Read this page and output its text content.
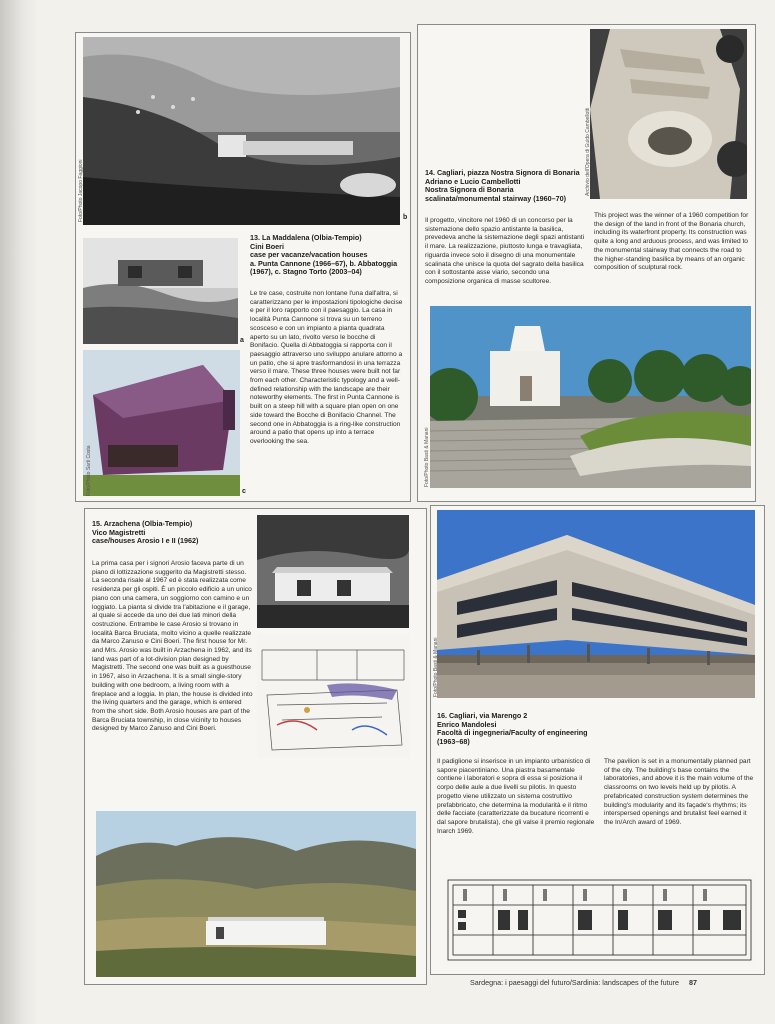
Foto/Photo Jacopo Faggioni	b
a
Foto/Photo Sarti Costa	c

13. La Maddalena (Olbia-Tempio)

Cini Boeri

case per vacanze/vacation houses

a. Punta Cannone (1966–67), b. Abbatoggia (1967), c. Stagno Torto (2003–04)

Le tre case, costruite non lontane l'una dall'altra, si caratterizzano per le impostazioni tipologiche decise e per il loro rapporto con il paesaggio. La casa in località Punta Cannone si trova su un terreno scosceso e con un impianto a pianta quadrata aperto su un lato, rivolto verso le bocche di Bonifacio. Quella di Abbatoggia si rapporta con il paesaggio attraverso uno sviluppo anulare attorno a un patio, che si apre trasformandosi in una terrazza verso il mare. These three houses were built not far from each other. Characteristic typology and a well-defined relationship with the landscape are their noteworthy elements. The first in Punta Cannone is built on a steep hill with a square plan open on one side toward the Bocche di Bonifacio Channel. The second one in Abbatoggia is a ring-like construction around a patio that opens up into a terrace overlooking the sea.

Archivio dell'Opera di Guido Cambellotti

14. Cagliari, piazza Nostra Signora di Bonaria

Adriano e Lucio Cambellotti

Nostra Signora di Bonaria

scalinata/monumental stairway (1960–70)

Il progetto, vincitore nel 1960 di un concorso per la sistemazione dello spazio antistante la basilica, prevedeva anche la sistemazione degli spazi antistanti il mare. La realizzazione, piuttosto lunga e travagliata, riguarda invece solo il disegno di una monumentale scalinata che unisce la quota del sagrato della basilica con il sottostante asse viario, secondo una composizione organica di masse scultoree.

This project was the winner of a 1960 competition for the design of the land in front of the Bonaria church, including its waterfront property. Its construction was quite a long and arduous process, and was limited to the monumental stairway that connects the road to the higher-standing basilica by means of an organic composition of sculptural rock.

Foto/Photo Basti & Manani

15. Arzachena (Olbia-Tempio)

Vico Magistretti

case/houses Arosio I e II (1962)

La prima casa per i signori Arosio faceva parte di un piano di lottizzazione suggerito da Magistretti stesso. La seconda risale al 1967 ed è stata realizzata come residenza per gli ospiti. È un piccolo edificio a un unico piano con una camera, un soggiorno con camino e un loggiato. La pianta si divide tra l'abitazione e il garage, al quale si accede da uno dei due lati minori della costruzione. Entrambe le case Arosio si trovano in località Barca Bruciata, molto vicino a quelle realizzate da Marco Zanuso e Cini Boeri. The first house for Mr. and Mrs. Arosio was built in Arzachena in 1962, and its land was part of a lot-division plan designed by Magistretti. The second one was built as a guesthouse in 1967, also in Arzachena. It is a small single-story building with one bedroom, a living room with a fireplace and a loggia. In plan, the house is divided into the living quarters and the garage, which is entered from the short side. Both Arosio houses are part of the Barca Bruciata township, in close vicinity to houses designed by Marco Zanuso and Cini Boeri.

Foto/Photo Basti & Manani

16. Cagliari, via Marengo 2

Enrico Mandolesi

Facoltà di ingegneria/Faculty of engineering (1963–68)

Il padiglione si inserisce in un impianto urbanistico di sapore piacentiniano. Una piastra basamentale contiene i laboratori e sopra di essa si posiziona il corpo delle aule a due livelli su pilotis. In questo progetto viene utilizzato un sistema costruttivo prefabbricato, che determina la modularità e il ritmo delle facciate (caratterizzate da bucature ricorrenti e dal sapore brutalista), che gli valse il premio regionale Inarch 1969.

The pavilion is set in a monumentally planned part of the city. The building's base contains the laboratories, and above it is the main volume of the classrooms on two levels held up by pilotis. A prefabricated construction system determines the building's modularity and its façade's rhythms; its interspersed openings and brutalist feel earned it the In/Arch award of 1969.

Sardegna: i paesaggi del futuro/Sardinia: landscapes of the future 87
